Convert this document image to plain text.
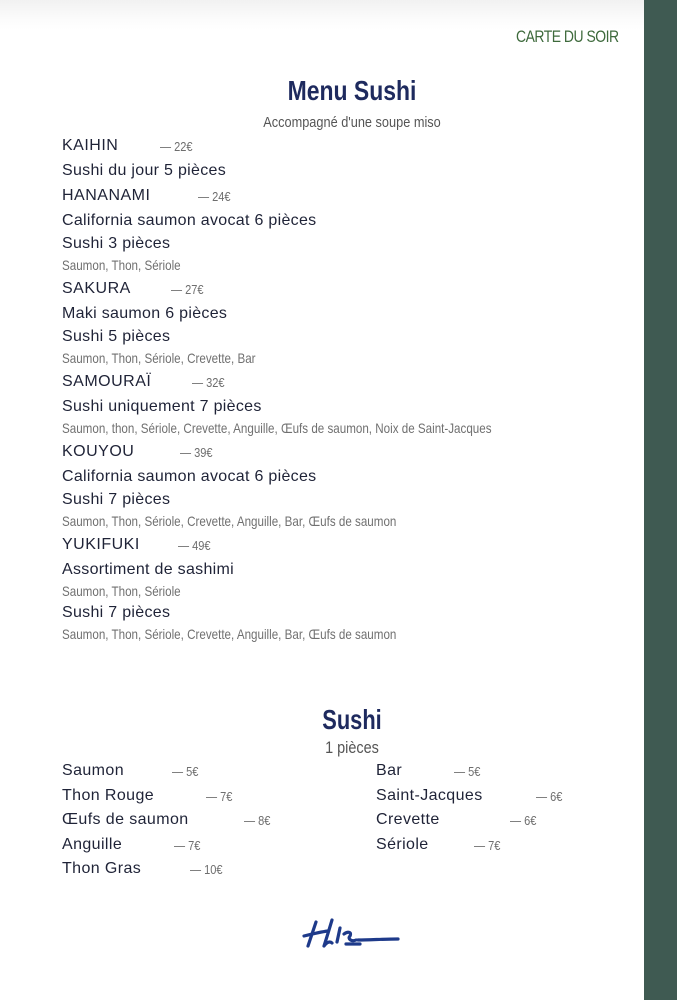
CARTE DU SOIR
Menu Sushi
Accompagné d'une soupe miso
KAIHIN	— 22€
Sushi du jour 5 pièces
HANANAMI	— 24€
California saumon avocat 6 pièces
Sushi 3 pièces
Saumon, Thon, Sériole
SAKURA	— 27€
Maki saumon 6 pièces
Sushi 5 pièces
Saumon, Thon, Sériole, Crevette, Bar
SAMOURAÏ	— 32€
Sushi uniquement 7 pièces
Saumon, thon, Sériole, Crevette, Anguille, Œufs de saumon, Noix de Saint-Jacques
KOUYOU	— 39€
California saumon avocat 6 pièces
Sushi 7 pièces
Saumon, Thon, Sériole, Crevette, Anguille, Bar, Œufs de saumon
YUKIFUKI	— 49€
Assortiment de sashimi
Saumon, Thon, Sériole
Sushi 7 pièces
Saumon, Thon, Sériole, Crevette, Anguille, Bar, Œufs de saumon
Sushi
1 pièces
Saumon	— 5€
Thon Rouge	— 7€
Œufs de saumon	— 8€
Anguille	— 7€
Thon Gras	— 10€
Bar	— 5€
Saint-Jacques	— 6€
Crevette	— 6€
Sériole	— 7€
